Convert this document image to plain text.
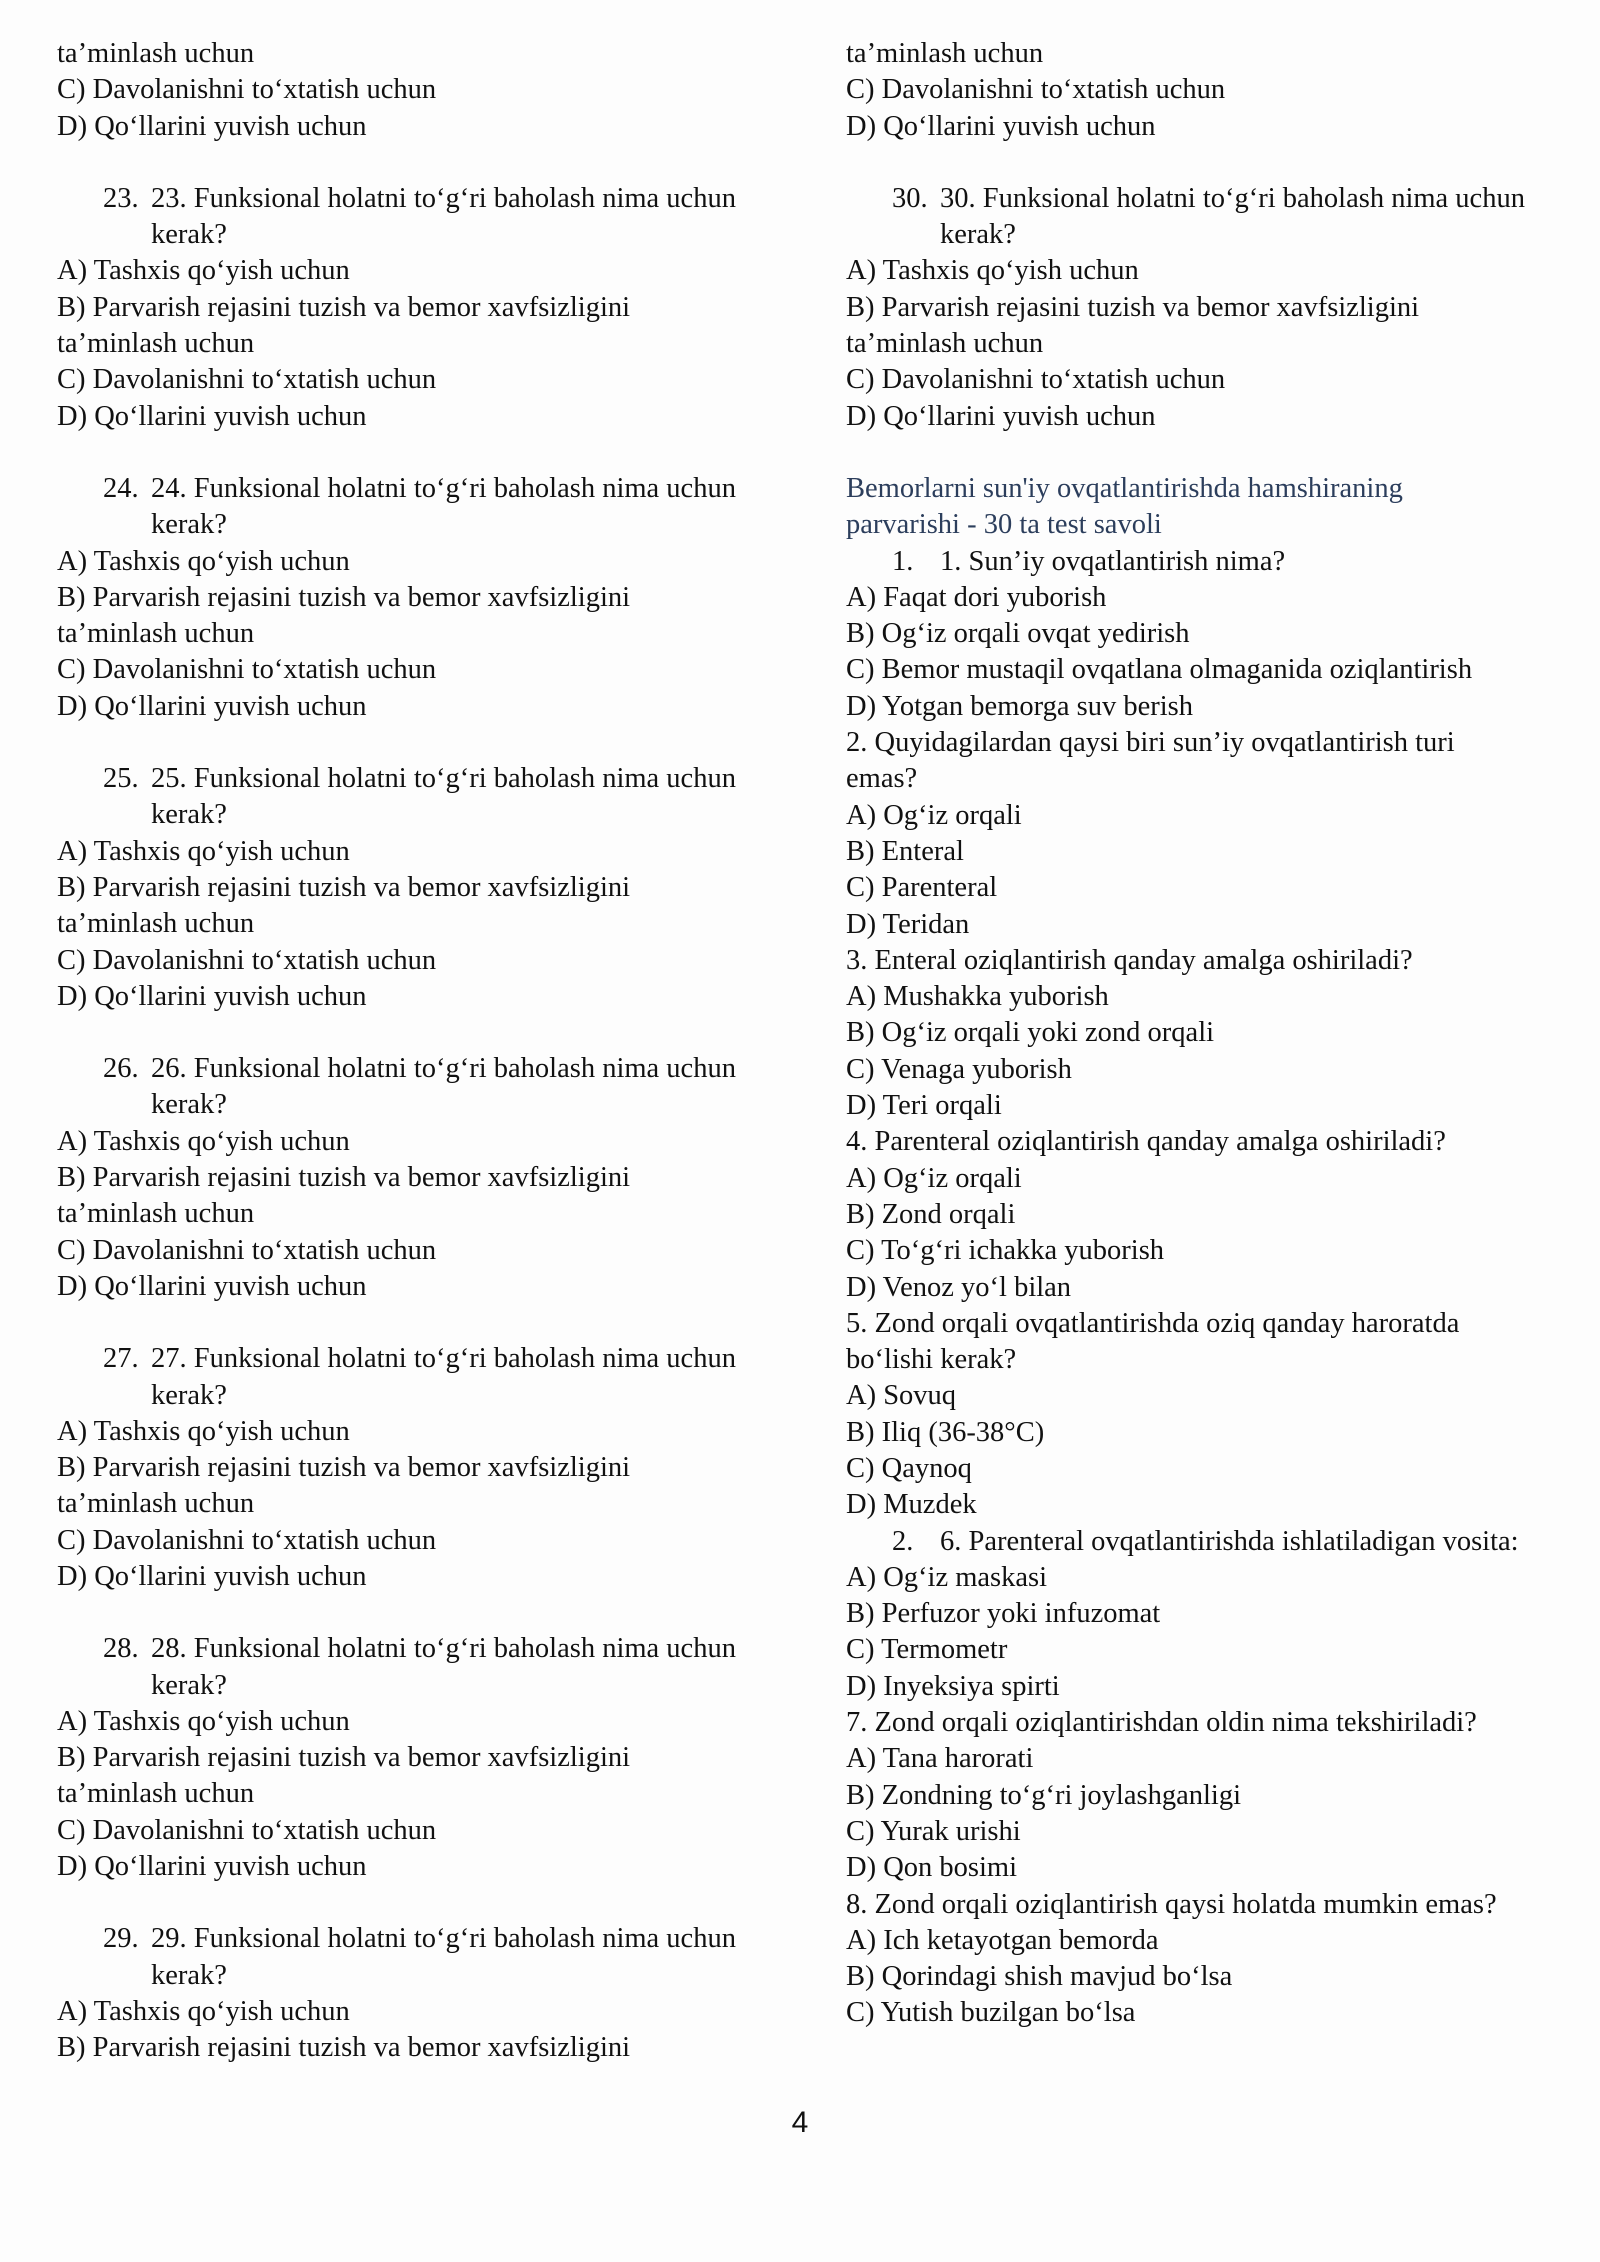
ta’minlash uchun
C) Davolanishni to‘xtatish uchun
D) Qo‘llarini yuvish uchun
23. 23. Funksional holatni to‘g‘ri baholash nima uchun kerak?
A) Tashxis qo‘yish uchun
B) Parvarish rejasini tuzish va bemor xavfsizligini
ta’minlash uchun
C) Davolanishni to‘xtatish uchun
D) Qo‘llarini yuvish uchun
24. 24. Funksional holatni to‘g‘ri baholash nima uchun kerak?
A) Tashxis qo‘yish uchun
B) Parvarish rejasini tuzish va bemor xavfsizligini
ta’minlash uchun
C) Davolanishni to‘xtatish uchun
D) Qo‘llarini yuvish uchun
25. 25. Funksional holatni to‘g‘ri baholash nima uchun kerak?
A) Tashxis qo‘yish uchun
B) Parvarish rejasini tuzish va bemor xavfsizligini
ta’minlash uchun
C) Davolanishni to‘xtatish uchun
D) Qo‘llarini yuvish uchun
26. 26. Funksional holatni to‘g‘ri baholash nima uchun kerak?
A) Tashxis qo‘yish uchun
B) Parvarish rejasini tuzish va bemor xavfsizligini
ta’minlash uchun
C) Davolanishni to‘xtatish uchun
D) Qo‘llarini yuvish uchun
27. 27. Funksional holatni to‘g‘ri baholash nima uchun kerak?
A) Tashxis qo‘yish uchun
B) Parvarish rejasini tuzish va bemor xavfsizligini
ta’minlash uchun
C) Davolanishni to‘xtatish uchun
D) Qo‘llarini yuvish uchun
28. 28. Funksional holatni to‘g‘ri baholash nima uchun kerak?
A) Tashxis qo‘yish uchun
B) Parvarish rejasini tuzish va bemor xavfsizligini
ta’minlash uchun
C) Davolanishni to‘xtatish uchun
D) Qo‘llarini yuvish uchun
29. 29. Funksional holatni to‘g‘ri baholash nima uchun kerak?
A) Tashxis qo‘yish uchun
B) Parvarish rejasini tuzish va bemor xavfsizligini
ta’minlash uchun
C) Davolanishni to‘xtatish uchun
D) Qo‘llarini yuvish uchun
30. 30. Funksional holatni to‘g‘ri baholash nima uchun kerak?
A) Tashxis qo‘yish uchun
B) Parvarish rejasini tuzish va bemor xavfsizligini
ta’minlash uchun
C) Davolanishni to‘xtatish uchun
D) Qo‘llarini yuvish uchun
Bemorlarni sun'iy ovqatlantirishda hamshiraning
parvarishi - 30 ta test savoli
1. 1. Sun’iy ovqatlantirish nima?
A) Faqat dori yuborish
B) Og‘iz orqali ovqat yedirish
C) Bemor mustaqil ovqatlana olmaganida oziqlantirish
D) Yotgan bemorga suv berish
2. Quyidagilardan qaysi biri sun’iy ovqatlantirish turi
emas?
A) Og‘iz orqali
B) Enteral
C) Parenteral
D) Teridan
3. Enteral oziqlantirish qanday amalga oshiriladi?
A) Mushakka yuborish
B) Og‘iz orqali yoki zond orqali
C) Venaga yuborish
D) Teri orqali
4. Parenteral oziqlantirish qanday amalga oshiriladi?
A) Og‘iz orqali
B) Zond orqali
C) To‘g‘ri ichakka yuborish
D) Venoz yo‘l bilan
5. Zond orqali ovqatlantirishda oziq qanday haroratda
bo‘lishi kerak?
A) Sovuq
B) Iliq (36-38°C)
C) Qaynoq
D) Muzdek
2. 6. Parenteral ovqatlantirishda ishlatiladigan vosita:
A) Og‘iz maskasi
B) Perfuzor yoki infuzomat
C) Termometr
D) Inyeksiya spirti
7. Zond orqali oziqlantirishdan oldin nima tekshiriladi?
A) Tana harorati
B) Zondning to‘g‘ri joylashganligi
C) Yurak urishi
D) Qon bosimi
8. Zond orqali oziqlantirish qaysi holatda mumkin emas?
A) Ich ketayotgan bemorda
B) Qorindagi shish mavjud bo‘lsa
C) Yutish buzilgan bo‘lsa
4
